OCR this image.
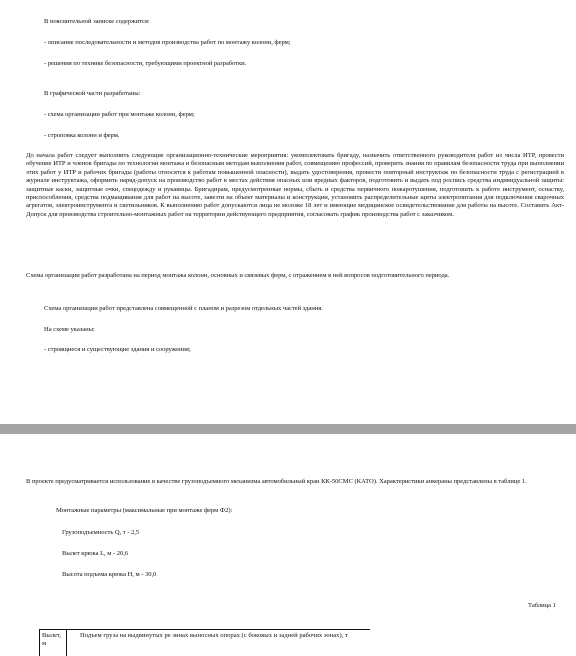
В пояснительной записке содержится:
- описание последовательности и методов производства работ по монтажу колонн, ферм;
- решения по технике безопасности, требующими проектной разработки.
В графической части разработаны:
- схема организации работ при монтаже колонн, ферм;
- строповка колонн и ферм.
До начала работ следует выполнить следующие организационно-технические мероприятия: укомплектовать бригаду, назначить ответственного руководителя работ из числа ИТР, провести обучение ИТР и членов бригады по технологии монтажа и безопасным методам выполнения работ, совмещению профессий, проверить знания по правилам безопасности труда при выполнении этих работ у ИТР и рабочих бригады (работы относятся к работам повышенной опасности), выдать удостоверения, провести повторный инструктаж по безопасности труда с регистрацией в журнале инструктажа, оформить наряд-допуск на производство работ в местах действия опасных или вредных факторов, подготовить и выдать под роспись средства индивидуальной защиты: защитные каски, защитные очки, спецодежду и рукавицы. Бригадирам, предусмотренные нормы, сбыть и средства первичного пожаротушения, подготовить к работе инструмент, оснастку, приспособления, средства подмащивания для работ на высоте, завезти на объект материалы и конструкции, установить распределительные щиты электропитания для подключения сварочных агрегатов, электроинструмента и светильников. К выполнению работ допускаются лица не моложе 18 лет и имеющие медицинское освидетельствование для работы на высоте. Составить Акт-Допуск для производства строительно-монтажных работ на территории действующего предприятия, согласовать график производства работ с заказчиком.
Схема организации работ разработана на период монтажа колонн, основных и связевых ферм, с отражением в ней вопросов подготовительного периода.
Схема организации работ представлена совмещенной с планом и разрезом отдельных частей здания.
На схеме указаны:
- строящиеся и существующие здания и сооружения;
В проекте предусматривается использование в качестве грузоподъемного механизма автомобильный кран КК-50СМС (КАТО). Характеристики анкераны представлены в таблице 1.
Монтажные параметры (максимальные при монтаже ферм Ф2):
Грузоподъемность Q, т - 2,5
Вылет крюка L, м - 20,6
Высота подъема крюка H, м - 30,0
Таблица 1
Вылет, м
Подъем груза на выдвинутых ре зинах выносных опорах (с боковых и задней рабочих зонах), т
